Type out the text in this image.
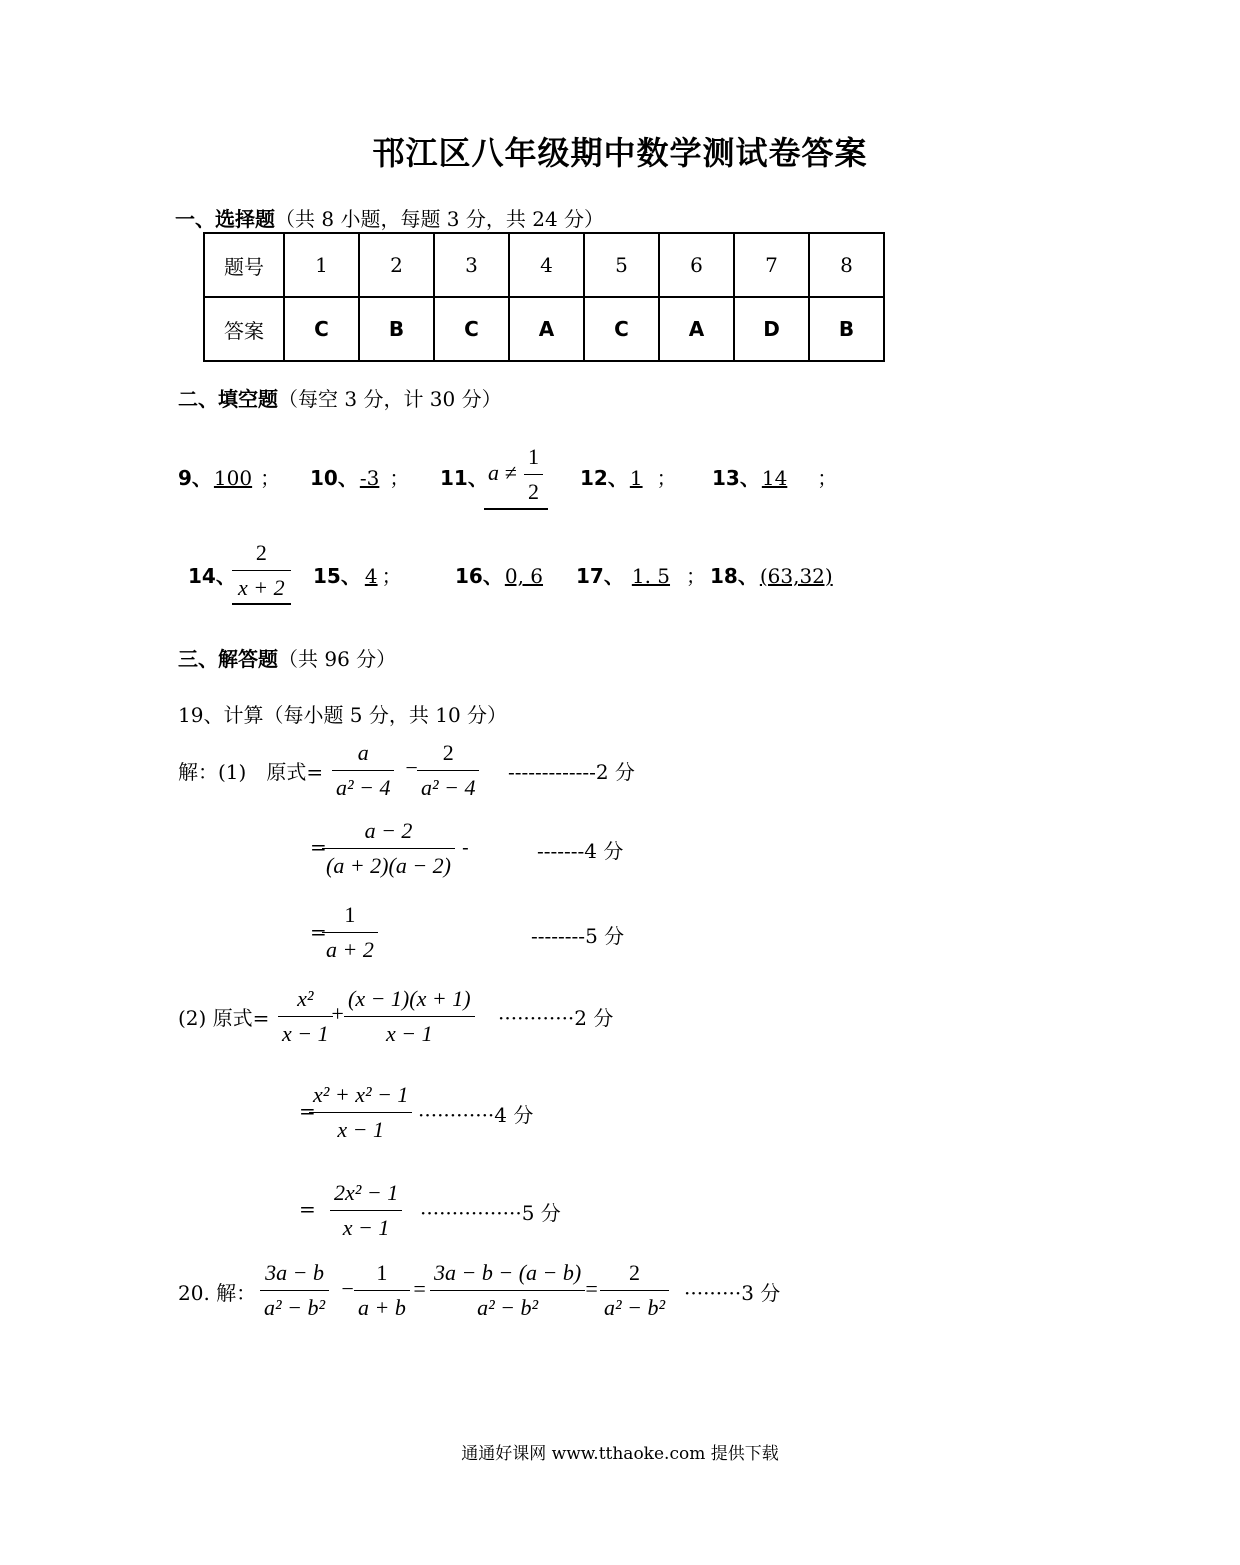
邗江区八年级期中数学测试卷答案
一、选择题（共 8 小题，每题 3 分，共 24 分）
题号	1	2	3	4	5	6	7	8
答案	C	B	C	A	C	A	D	B
二、填空题（每空 3 分，计 30 分）
9、 100 ； 10、 -3 ； 11、 $a \ne \frac{1}{2} 12$、 1 ； 13、 14 ；
14、
$\frac{2}{x + 2} 15$、 4 ；	16、 0, 6	17、 1. 5 ； 18、 (63,32)
三、解答题（共 96 分）
19、计算（每小题 5 分，共 10 分）
解：(1)　原式= $\frac{a}{\text{a² − 4}}$ −
$\frac{2}{\text{a² − 4}} -------------2$ 分
=
$\frac{a - 2}{(a + 2)(a - 2)}$ -	-------4 分
=
$\frac{1}{a + 2}$	--------5 分
(2) 原式= $\frac{\text{x²}}{x - 1}$
+ $\frac{(x - 1)(x + 1)}{x - 1} \cdot\cdot\cdot\cdot\cdot\cdot\cdot\cdot\cdot\cdot\cdot\cdot 2$ 分
=
$\frac{\text{x² + x² − 1}}{x - 1} \cdot\cdot\cdot\cdot\cdot\cdot\cdot\cdot\cdot\cdot\cdot\cdot 4$ 分
= $\frac{\text{2x² − 1}}{x - 1} \cdot\cdot\cdot\cdot\cdot\cdot\cdot\cdot\cdot\cdot\cdot\cdot\cdot\cdot\cdot\cdot 5$ 分
20. 解： $\frac{3a - b}{\text{a² − b²}} - \frac{1}{a + b} = \frac{3a - b - (a - b)}{\text{a² − b²}}$
= $\frac{2}{\text{a² − b²}} \cdot\cdot\cdot\cdot\cdot\cdot\cdot\cdot\cdot 3$ 分
通通好课网 www.tthaoke.com 提供下载
